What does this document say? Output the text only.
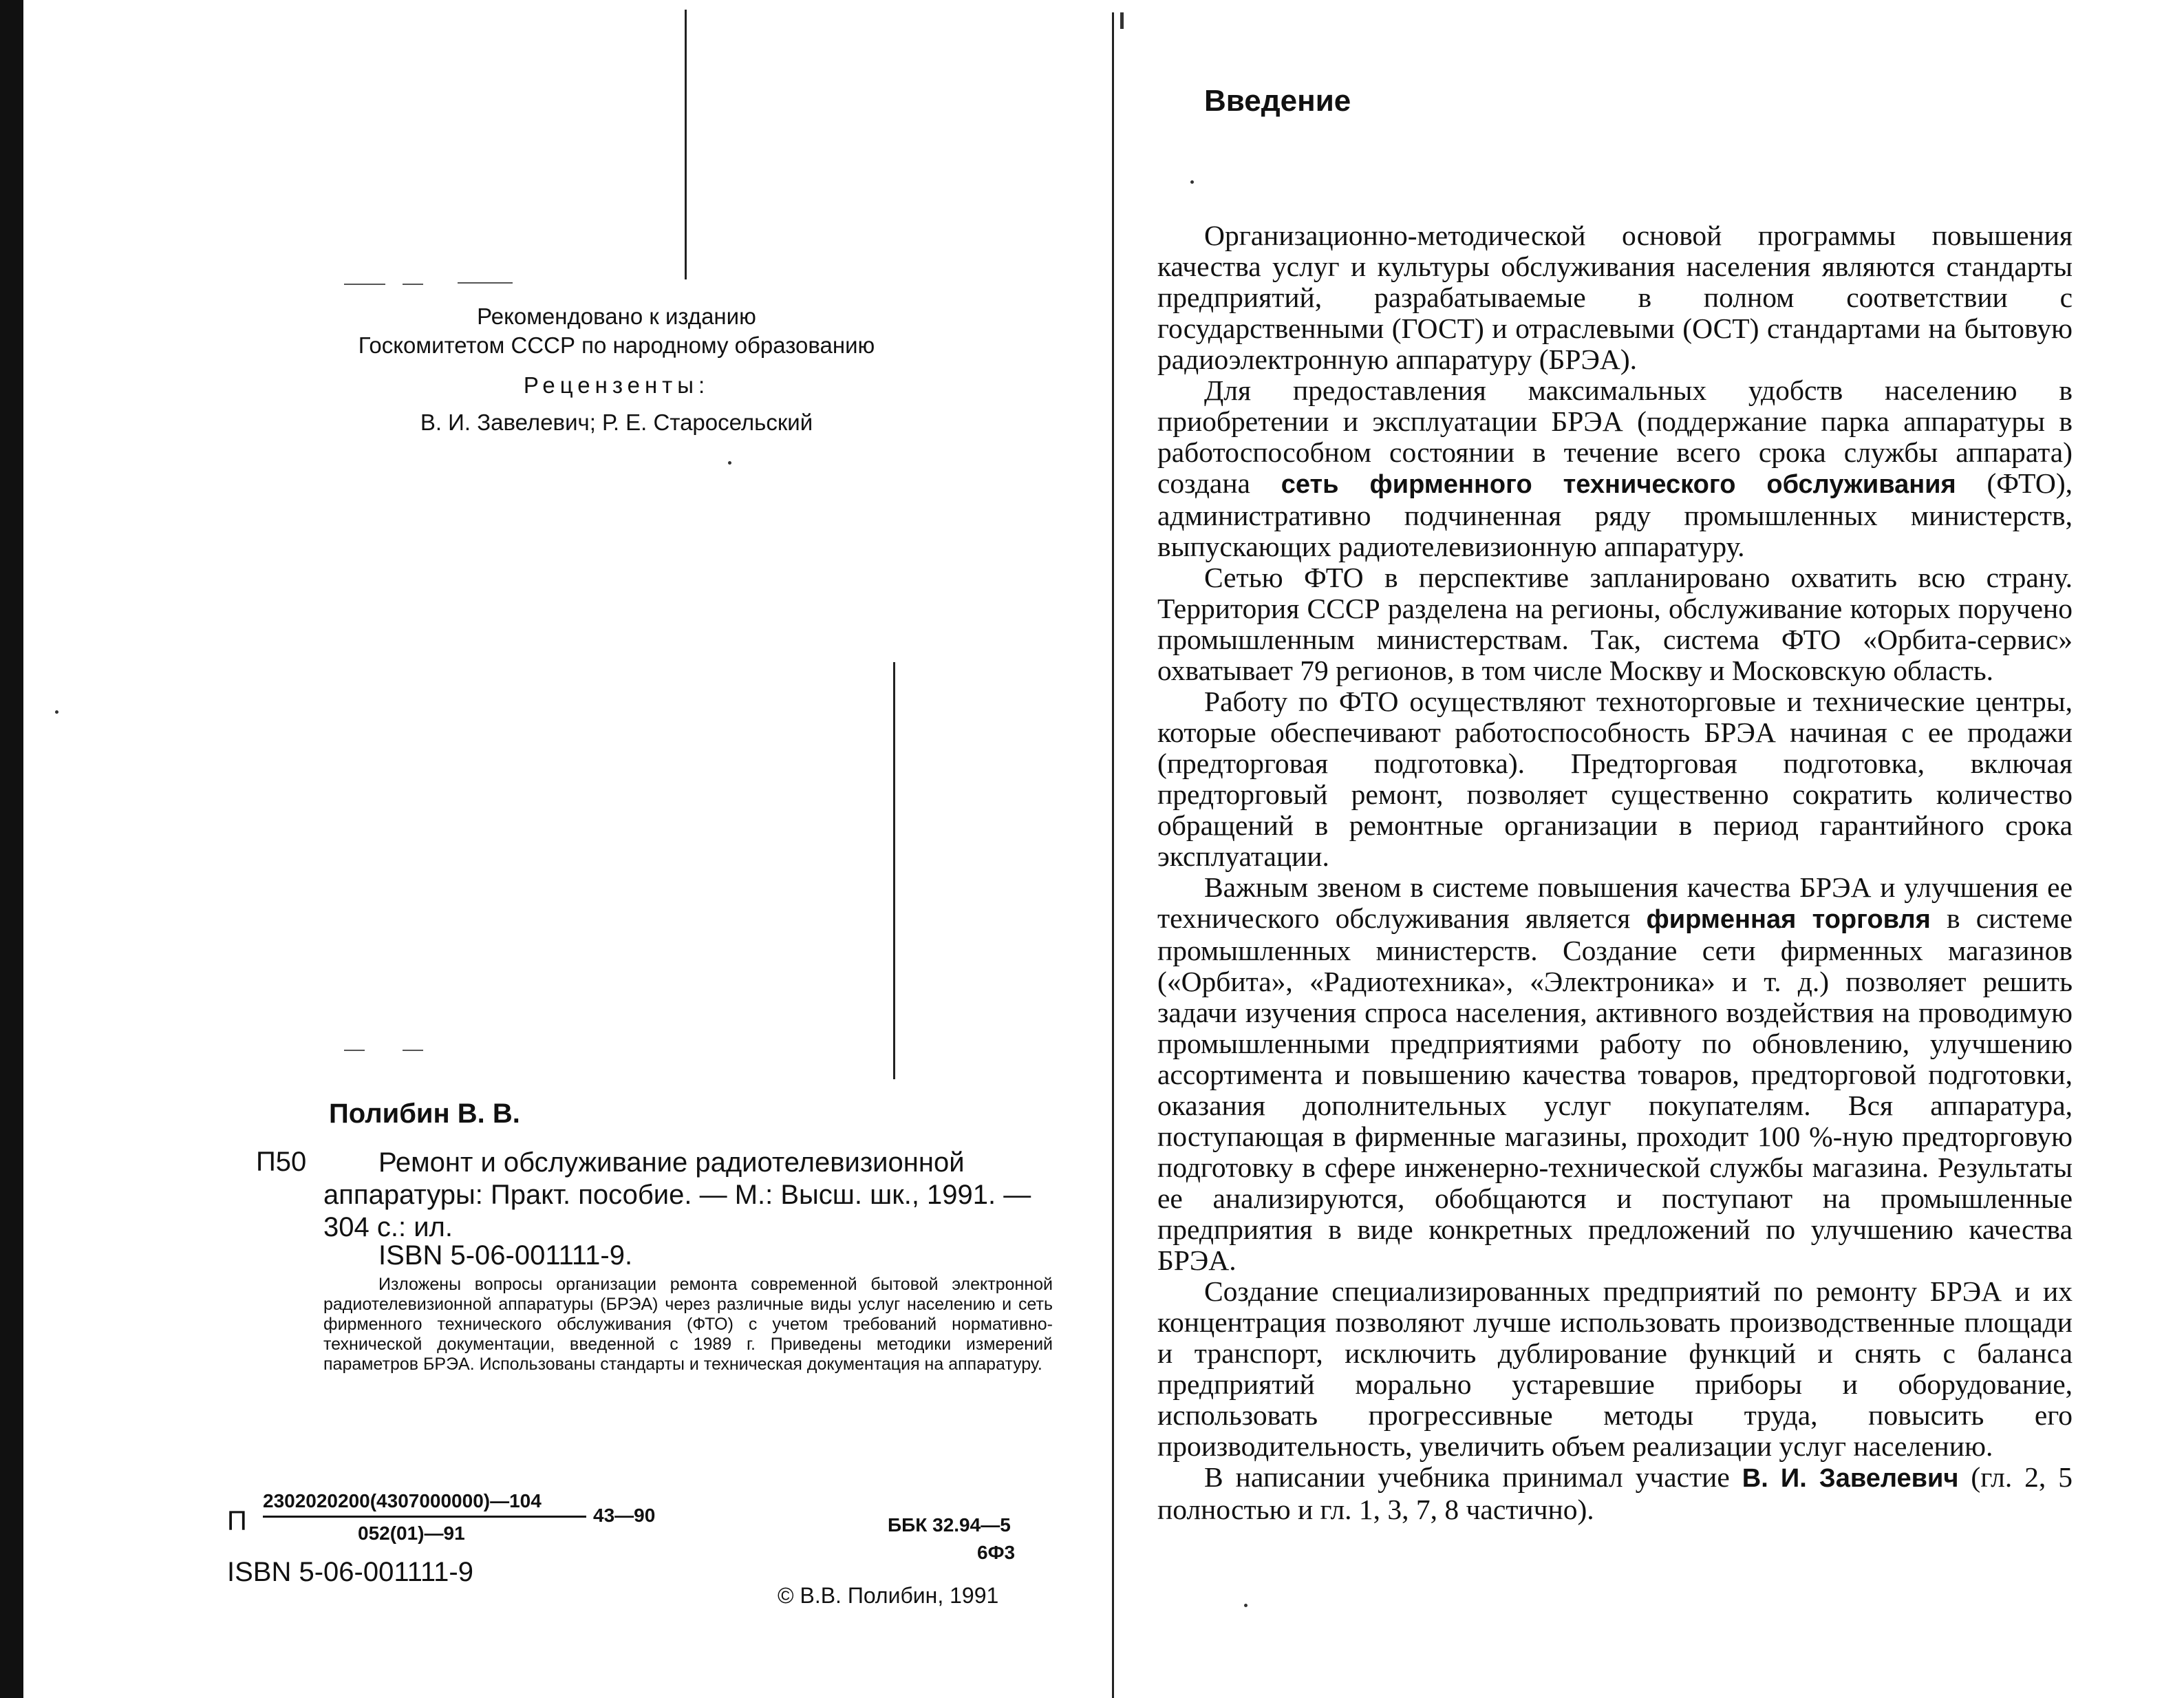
Рекомендовано к изданию
Госкомитетом СССР по народному образованию
Рецензенты:
В. И. Завелевич; Р. Е. Старосельский
Полибин В. В.
П50	Ремонт и обслуживание радиотелевизионной аппаратуры: Практ. пособие. — М.: Высш. шк., 1991. — 304 с.: ил.

ISBN 5-06-001111-9.

Изложены вопросы организации ремонта современной бытовой электронной радиотелевизионной аппаратуры (БРЭА) через различные виды услуг населению и сеть фирменного технического обслуживания (ФТО) с учетом требований нормативно-технической документации, введенной с 1989 г. Приведены методики измерений параметров БРЭА. Использованы стандарты и техническая документация на аппаратуру.

П
2302020200(4307000000)—104
052(01)—91
43—90	ББК 32.94—5
6Ф3
ISBN 5-06-001111-9
© В.В. Полибин, 1991
Введение

Организационно-методической основой программы повышения качества услуг и культуры обслуживания населения являются стандарты предприятий, разрабатываемые в полном соответствии с государственными (ГОСТ) и отраслевыми (ОСТ) стандартами на бытовую радиоэлектронную аппаратуру (БРЭА).

Для предоставления максимальных удобств населению в приобретении и эксплуатации БРЭА (поддержание парка аппаратуры в работоспособном состоянии в течение всего срока службы аппарата) создана сеть фирменного технического обслуживания (ФТО), административно подчиненная ряду промышленных министерств, выпускающих радиотелевизионную аппаратуру.

Сетью ФТО в перспективе запланировано охватить всю страну. Территория СССР разделена на регионы, обслуживание которых поручено промышленным министерствам. Так, система ФТО «Орбита-сервис» охватывает 79 регионов, в том числе Москву и Московскую область.

Работу по ФТО осуществляют техноторговые и технические центры, которые обеспечивают работоспособность БРЭА начиная с ее продажи (предторговая подготовка). Предторговая подготовка, включая предторговый ремонт, позволяет существенно сократить количество обращений в ремонтные организации в период гарантийного срока эксплуатации.

Важным звеном в системе повышения качества БРЭА и улучшения ее технического обслуживания является фирменная торговля в системе промышленных министерств. Создание сети фирменных магазинов («Орбита», «Радиотехника», «Электроника» и т. д.) позволяет решить задачи изучения спроса населения, активного воздействия на проводимую промышленными предприятиями работу по обновлению, улучшению ассортимента и повышению качества товаров, предторговой подготовки, оказания дополнительных услуг покупателям. Вся аппаратура, поступающая в фирменные магазины, проходит 100 %-ную предторговую подготовку в сфере инженерно-технической службы магазина. Результаты ее анализируются, обобщаются и поступают на промышленные предприятия в виде конкретных предложений по улучшению качества БРЭА.

Создание специализированных предприятий по ремонту БРЭА и их концентрация позволяют лучше использовать производственные площади и транспорт, исключить дублирование функций и снять с баланса предприятий морально устаревшие приборы и оборудование, использовать прогрессивные методы труда, повысить его производительность, увеличить объем реализации услуг населению.

В написании учебника принимал участие В. И. Завелевич (гл. 2, 5 полностью и гл. 1, 3, 7, 8 частично).
